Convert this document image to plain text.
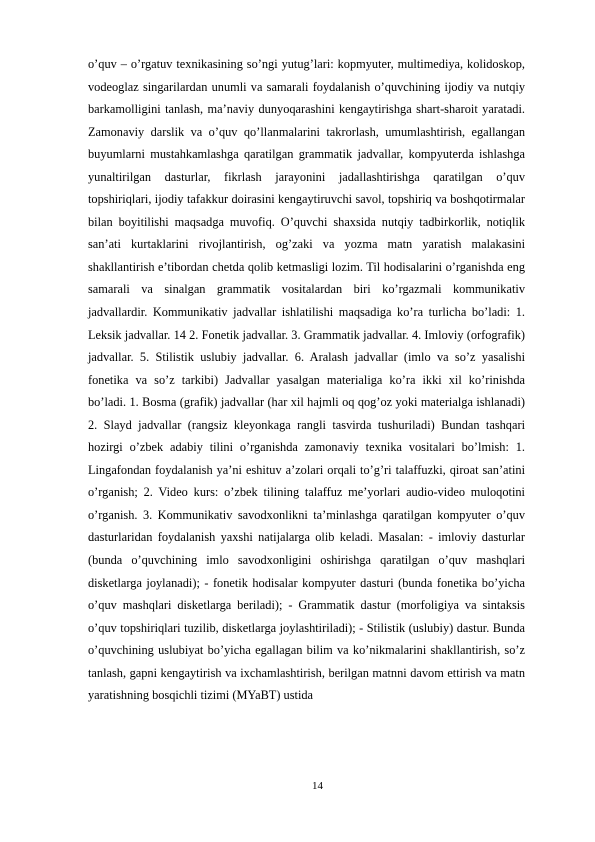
o’quv – o’rgatuv texnikasining so’ngi yutug’lari: kopmyuter, multimediya, kolidoskop, vodeoglaz singarilardan unumli va samarali foydalanish o’quvchining ijodiy va nutqiy barkamolligini tanlash, ma’naviy dunyoqarashini kengaytirishga shart-sharoit yaratadi. Zamonaviy darslik va o’quv qo’llanmalarini takrorlash, umumlashtirish, egallangan buyumlarni mustahkamlashga qaratilgan grammatik jadvallar, kompyuterda ishlashga yunaltirilgan dasturlar, fikrlash jarayonini jadallashtirishga qaratilgan o’quv topshiriqlari, ijodiy tafakkur doirasini kengaytiruvchi savol, topshiriq va boshqotirmalar bilan boyitilishi maqsadga muvofiq. O’quvchi shaxsida nutqiy tadbirkorlik, notiqlik san’ati kurtaklarini rivojlantirish, og’zaki va yozma matn yaratish malakasini shakllantirish e’tibordan chetda qolib ketmasligi lozim. Til hodisalarini o’rganishda eng samarali va sinalgan grammatik vositalardan biri ko’rgazmali kommunikativ jadvallardir. Kommunikativ jadvallar ishlatilishi maqsadiga ko’ra turlicha bo’ladi: 1. Leksik jadvallar. 14 2. Fonetik jadvallar. 3. Grammatik jadvallar. 4. Imloviy (orfografik) jadvallar. 5. Stilistik uslubiy jadvallar. 6. Aralash jadvallar (imlo va so’z yasalishi fonetika va so’z tarkibi) Jadvallar yasalgan materialiga ko’ra ikki xil ko’rinishda bo’ladi. 1. Bosma (grafik) jadvallar (har xil hajmli oq qog’oz yoki materialga ishlanadi) 2. Slayd jadvallar (rangsiz kleyonkaga rangli tasvirda tushuriladi) Bundan tashqari hozirgi o’zbek adabiy tilini o’rganishda zamonaviy texnika vositalari bo’lmish: 1. Lingafondan foydalanish ya’ni eshituv a’zolari orqali to’g’ri talaffuzki, qiroat san’atini o’rganish; 2. Video kurs: o’zbek tilining talaffuz me’yorlari audio-video muloqotini o’rganish. 3. Kommunikativ savodxonlikni ta’minlashga qaratilgan kompyuter o’quv dasturlaridan foydalanish yaxshi natijalarga olib keladi. Masalan: - imloviy dasturlar (bunda o’quvchining imlo savodxonligini oshirishga qaratilgan o’quv mashqlari disketlarga joylanadi); - fonetik hodisalar kompyuter dasturi (bunda fonetika bo’yicha o’quv mashqlari disketlarga beriladi); - Grammatik dastur (morfoligiya va sintaksis o’quv topshiriqlari tuzilib, disketlarga joylashtiriladi); - Stilistik (uslubiy) dastur. Bunda o’quvchining uslubiyat bo’yicha egallagan bilim va ko’nikmalarini shakllantirish, so’z tanlash, gapni kengaytirish va ixchamlashtirish, berilgan matnni davom ettirish va matn yaratishning bosqichli tizimi (MYaBT) ustida

14
